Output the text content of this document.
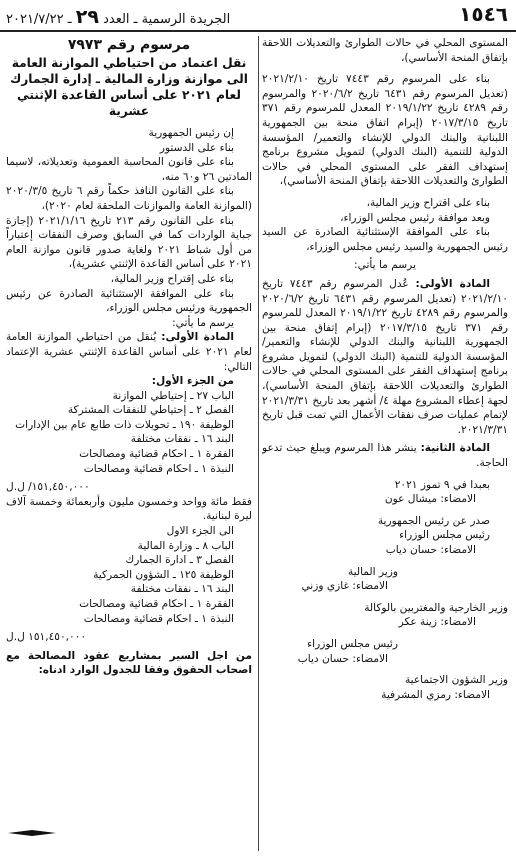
١٥٤٦
الجريدة الرسمية ـ العدد ٢٩ ـ ٢٠٢١/٧/٢٢

المستوى المحلي في حالات الطوارئ والتعديلات اللاحقة بإتفاق المنحة الأساسي)،

بناء على المرسوم رقم ٧٤٤٣ تاريخ ٢٠٢١/٢/١٠ (تعديل المرسوم رقم ٦٤٣١ تاريخ ٢٠٢٠/٦/٢ والمرسوم رقم ٤٢٨٩ تاريخ ٢٠١٩/١/٢٢ المعدل للمرسوم رقم ٣٧١ تاريخ ٢٠١٧/٣/١٥ (إبرام اتفاق منحة بين الجمهورية اللبنانية والبنك الدولي للإنشاء والتعمير/ المؤسسة الدولية للتنمية (البنك الدولي) لتمويل مشروع برنامج إستهداف الفقر على المستوى المحلي في حالات الطوارئ والتعديلات اللاحقة بإتفاق المنحة الأساسي)،

بناء على اقتراح وزير المالية،

وبعد موافقة رئيس مجلس الوزراء،

بناء على الموافقة الإستثنائية الصادرة عن السيد رئيس الجمهورية والسيد رئيس مجلس الوزراء،

يرسم ما يأتي:

المادة الأولى: عُدل المرسوم رقم ٧٤٤٣ تاريخ ٢٠٢١/٢/١٠ (تعديل المرسوم رقم ٦٤٣١ تاريخ ٢٠٢٠/٦/٢ والمرسوم رقم ٤٢٨٩ تاريخ ٢٠١٩/١/٢٢ المعدل للمرسوم رقم ٣٧١ تاريخ ٢٠١٧/٣/١٥ (إبرام إتفاق منحة بين الجمهورية اللبنانية والبنك الدولي للإنشاء والتعمير/ المؤسسة الدولية للتنمية (البنك الدولي) لتمويل مشروع برنامج إستهداف الفقر على المستوى المحلي في حالات الطوارئ والتعديلات اللاحقة بإتفاق المنحة الأساسي)، لجهة إعطاء المشروع مهلة ٤/ أشهر بعد تاريخ ٢٠٢١/٣/٣١ لإتمام عمليات صرف نفقات الأعمال التي تمت قبل تاريخ ٢٠٢١/٣/٣١.

المادة الثانية: ينشر هذا المرسوم ويبلغ حيث تدعو الحاجة.

بعبدا في ٩ تموز ٢٠٢١

الامضاء: ميشال عون

صدر عن رئيس الجمهورية

رئيس مجلس الوزراء

الامضاء: حسان دياب

وزير المالية

الامضاء: غازي وزني

وزير الخارجية والمغتربين بالوكالة

الامضاء: زينة عكر

رئيس مجلس الوزراء

الامضاء: حسان دياب

وزير الشؤون الاجتماعية

الامضاء: رمزي المشرفية

مرسوم رقم ٧٩٧٣

نقل اعتماد من احتياطي الموازنة العامة الى موازنة وزارة المالية ـ إدارة الجمارك لعام ٢٠٢١ على أساس القاعدة الإثنتي عشرية

إن رئيس الجمهورية

بناء على الدستور

بناء على قانون المحاسبة العمومية وتعديلاته، لاسيما المادتين ٢٦ و٦٠ منه،

بناء على القانون النافذ حكماً رقم ٦ تاريخ ٢٠٢٠/٣/٥ (الموازنة العامة والموازنات الملحقة لعام ٢٠٢٠)،

بناء على القانون رقم ٢١٣ تاريخ ٢٠٢١/١/١٦ (إجازة جباية الواردات كما في السابق وصرف النفقات إعتباراً من أول شباط ٢٠٢١ ولغاية صدور قانون موازنة العام ٢٠٢١ على أساس القاعدة الإثنتي عشرية)،

بناء على إقتراح وزير المالية،

بناء على الموافقة الإستثنائية الصادرة عن رئيس الجمهورية ورئيس مجلس الوزراء،

يرسم ما يأتي:

المادة الأولى: يُنقل من احتياطي الموازنة العامة لعام ٢٠٢١ على أساس القاعدة الإثنتي عشرية الإعتماد التالي:

من الجزء الأول:

الباب ٢٧ ـ إحتياطي الموازنة

الفصل ٢ ـ إحتياطي للنفقات المشتركة

الوظيفة ١٩٠ ـ تحويلات ذات طابع عام بين الإدارات

البند ١٦ ـ نفقات مختلفة

الفقرة ١ ـ احكام قضائية ومصالحات

النبذة ١ ـ احكام قضائية ومصالحات

١٥١,٤٥٠,٠٠٠/ ل.ل

فقط مائة وواحد وخمسون مليون وأربعمائة وخمسة آلاف ليرة لبنانية.

الى الجزء الاول

الباب ٨ ـ وزارة المالية

الفصل ٣ ـ ادارة الجمارك

الوظيفة ١٢٥ ـ الشؤون الجمركية

البند ١٦ ـ نفقات مختلفة

الفقرة ١ ـ احكام قضائية ومصالحات

النبذة ١ ـ احكام قضائية ومصالحات

١٥١,٤٥٠,٠٠٠ ل.ل

من اجل السير بمشاريع عقود المصالحة مع اصحاب الحقوق وفقا للجدول الوارد ادناه:
